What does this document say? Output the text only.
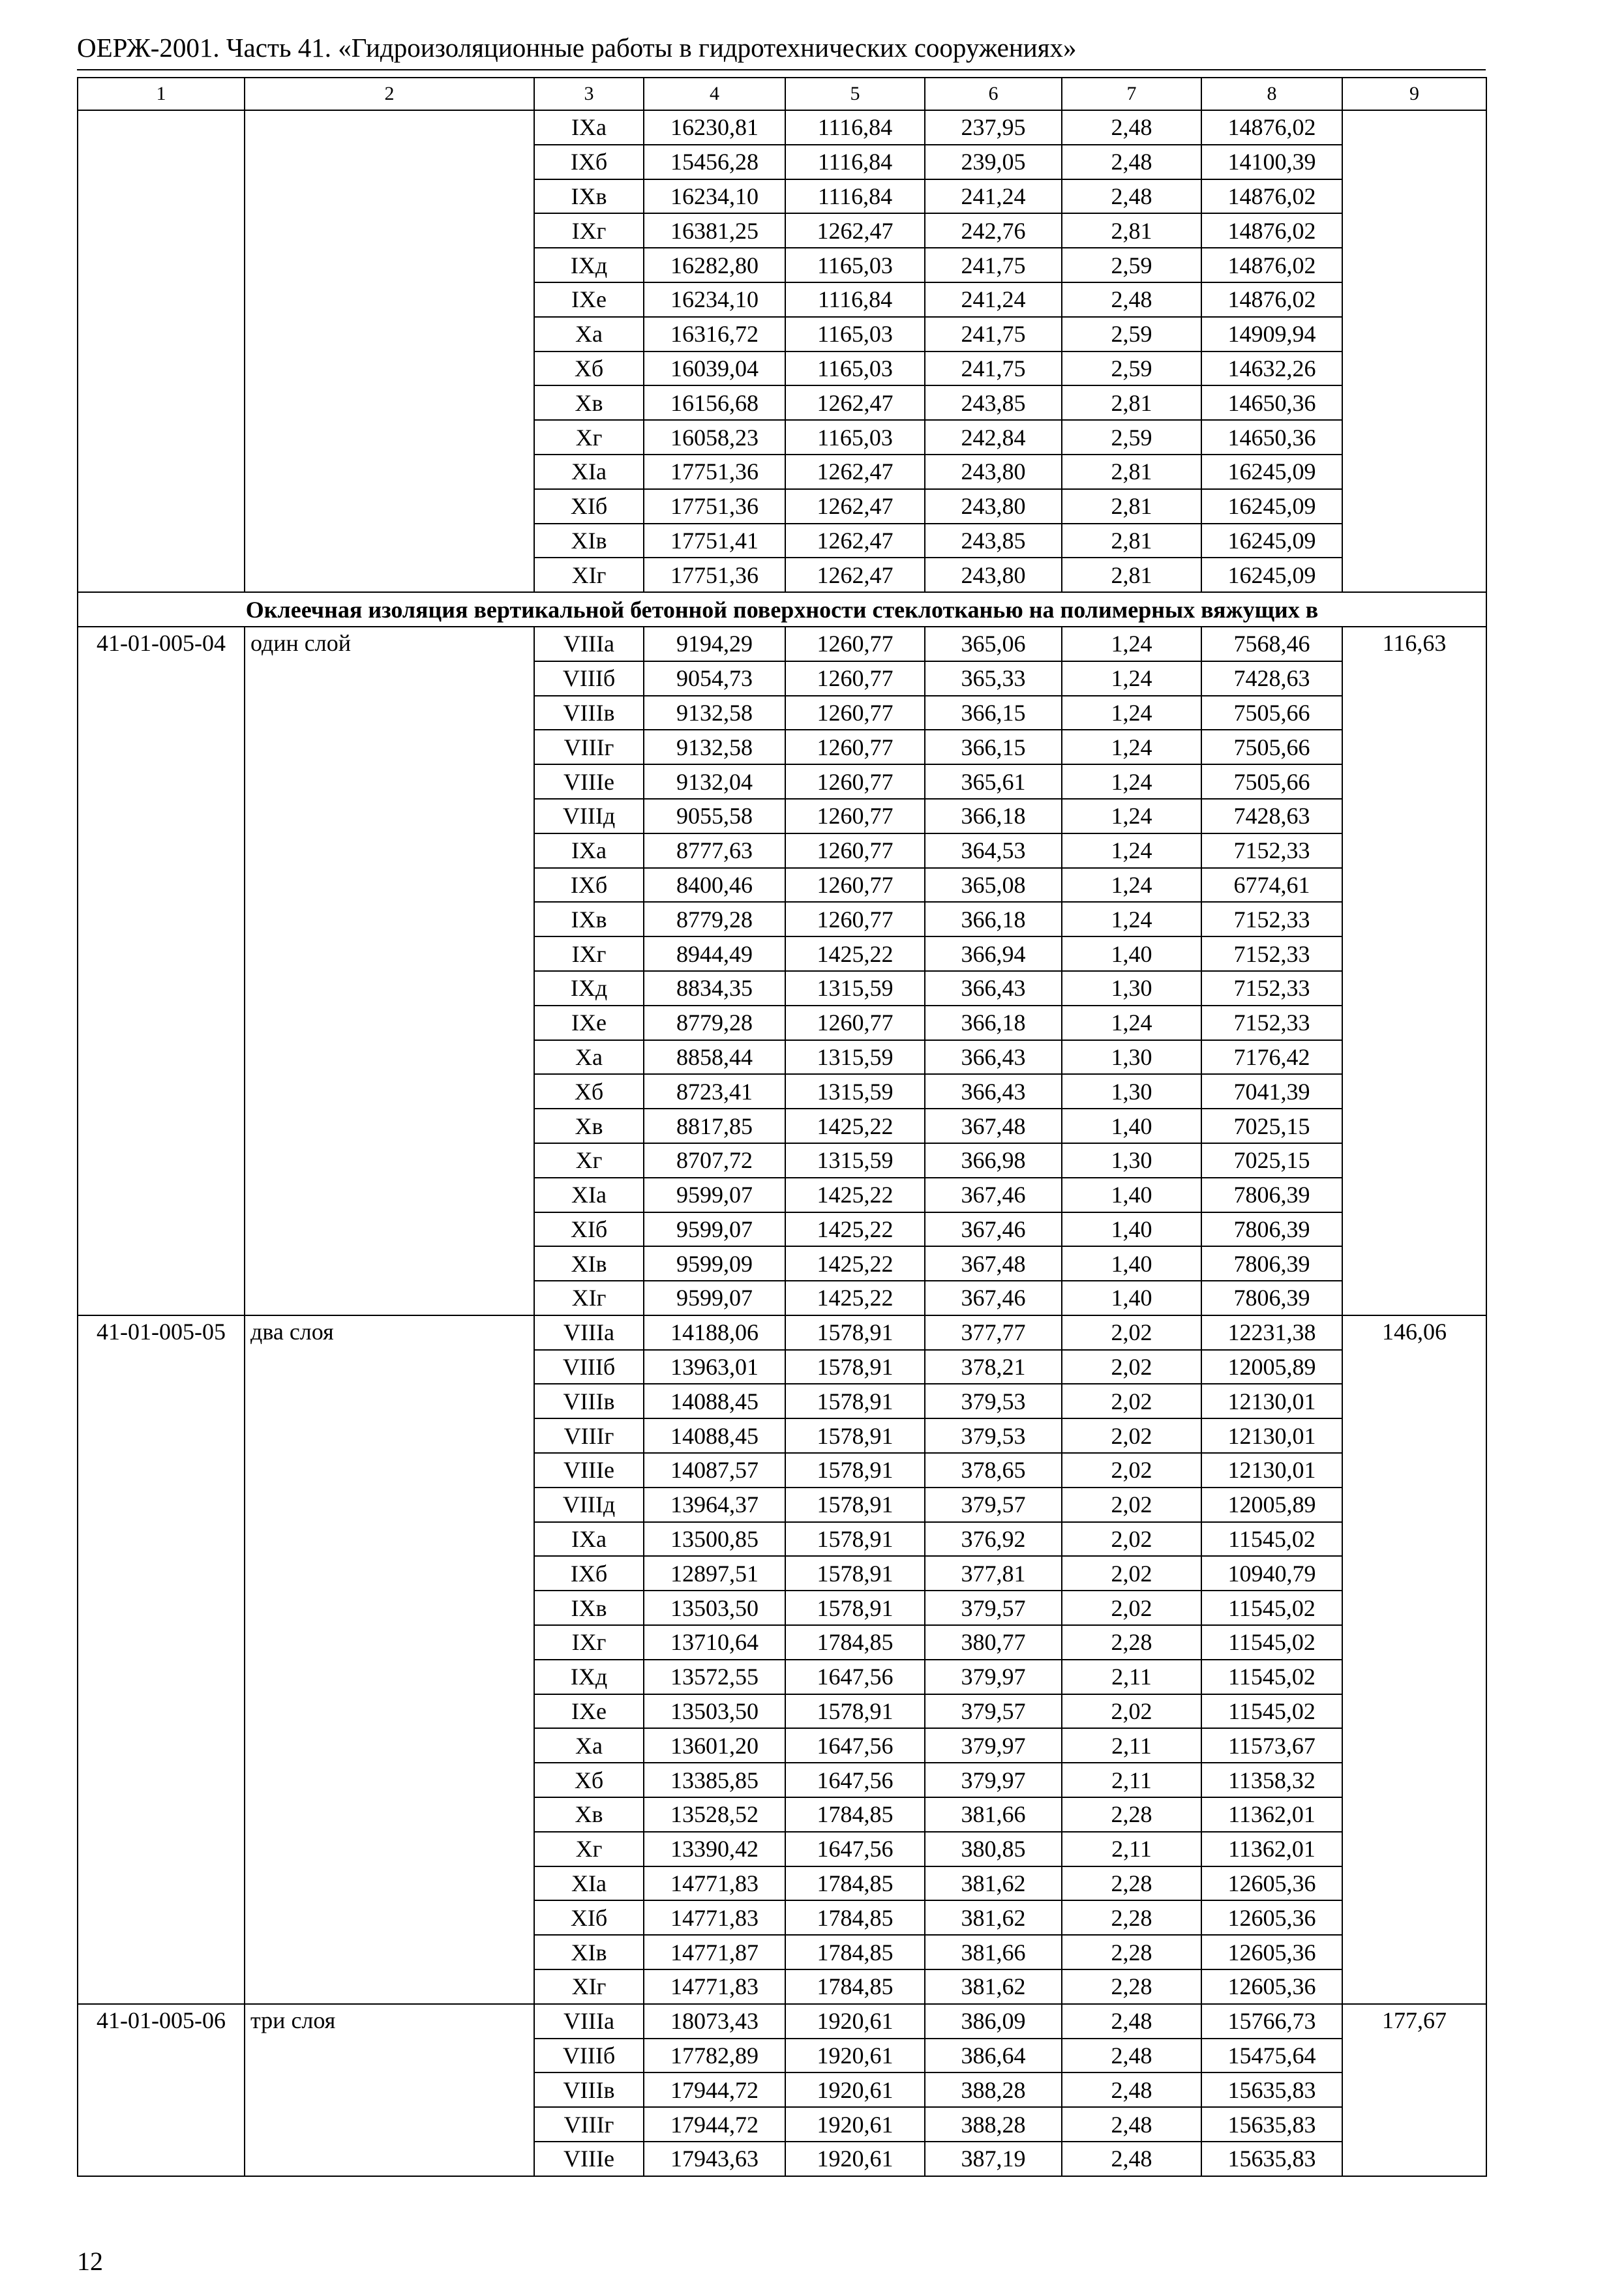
ОЕРЖ-2001. Часть 41. «Гидроизоляционные работы в гидротехнических сооружениях»
1	2	3	4	5	6	7	8	9
		IXа	16230,81	1116,84	237,95	2,48	14876,02	
		IXб	15456,28	1116,84	239,05	2,48	14100,39	
		IXв	16234,10	1116,84	241,24	2,48	14876,02	
		IXг	16381,25	1262,47	242,76	2,81	14876,02	
		IXд	16282,80	1165,03	241,75	2,59	14876,02	
		IXе	16234,10	1116,84	241,24	2,48	14876,02	
		Xа	16316,72	1165,03	241,75	2,59	14909,94	
		Xб	16039,04	1165,03	241,75	2,59	14632,26	
		Xв	16156,68	1262,47	243,85	2,81	14650,36	
		Xг	16058,23	1165,03	242,84	2,59	14650,36	
		XIа	17751,36	1262,47	243,80	2,81	16245,09	
		XIб	17751,36	1262,47	243,80	2,81	16245,09	
		XIв	17751,41	1262,47	243,85	2,81	16245,09	
		XIг	17751,36	1262,47	243,80	2,81	16245,09	
Оклеечная изоляция вертикальной бетонной поверхности стеклотканью на полимерных вяжущих в								
41-01-005-04	один слой	VIIIа	9194,29	1260,77	365,06	1,24	7568,46	116,63
		VIIIб	9054,73	1260,77	365,33	1,24	7428,63	
		VIIIв	9132,58	1260,77	366,15	1,24	7505,66	
		VIIIг	9132,58	1260,77	366,15	1,24	7505,66	
		VIIIе	9132,04	1260,77	365,61	1,24	7505,66	
		VIIIд	9055,58	1260,77	366,18	1,24	7428,63	
		IXа	8777,63	1260,77	364,53	1,24	7152,33	
		IXб	8400,46	1260,77	365,08	1,24	6774,61	
		IXв	8779,28	1260,77	366,18	1,24	7152,33	
		IXг	8944,49	1425,22	366,94	1,40	7152,33	
		IXд	8834,35	1315,59	366,43	1,30	7152,33	
		IXе	8779,28	1260,77	366,18	1,24	7152,33	
		Xа	8858,44	1315,59	366,43	1,30	7176,42	
		Xб	8723,41	1315,59	366,43	1,30	7041,39	
		Xв	8817,85	1425,22	367,48	1,40	7025,15	
		Xг	8707,72	1315,59	366,98	1,30	7025,15	
		XIа	9599,07	1425,22	367,46	1,40	7806,39	
		XIб	9599,07	1425,22	367,46	1,40	7806,39	
		XIв	9599,09	1425,22	367,48	1,40	7806,39	
		XIг	9599,07	1425,22	367,46	1,40	7806,39	
41-01-005-05	два слоя	VIIIа	14188,06	1578,91	377,77	2,02	12231,38	146,06
		VIIIб	13963,01	1578,91	378,21	2,02	12005,89	
		VIIIв	14088,45	1578,91	379,53	2,02	12130,01	
		VIIIг	14088,45	1578,91	379,53	2,02	12130,01	
		VIIIе	14087,57	1578,91	378,65	2,02	12130,01	
		VIIIд	13964,37	1578,91	379,57	2,02	12005,89	
		IXа	13500,85	1578,91	376,92	2,02	11545,02	
		IXб	12897,51	1578,91	377,81	2,02	10940,79	
		IXв	13503,50	1578,91	379,57	2,02	11545,02	
		IXг	13710,64	1784,85	380,77	2,28	11545,02	
		IXд	13572,55	1647,56	379,97	2,11	11545,02	
		IXе	13503,50	1578,91	379,57	2,02	11545,02	
		Xа	13601,20	1647,56	379,97	2,11	11573,67	
		Xб	13385,85	1647,56	379,97	2,11	11358,32	
		Xв	13528,52	1784,85	381,66	2,28	11362,01	
		Xг	13390,42	1647,56	380,85	2,11	11362,01	
		XIа	14771,83	1784,85	381,62	2,28	12605,36	
		XIб	14771,83	1784,85	381,62	2,28	12605,36	
		XIв	14771,87	1784,85	381,66	2,28	12605,36	
		XIг	14771,83	1784,85	381,62	2,28	12605,36	
41-01-005-06	три слоя	VIIIа	18073,43	1920,61	386,09	2,48	15766,73	177,67
		VIIIб	17782,89	1920,61	386,64	2,48	15475,64	
		VIIIв	17944,72	1920,61	388,28	2,48	15635,83	
		VIIIг	17944,72	1920,61	388,28	2,48	15635,83	
		VIIIе	17943,63	1920,61	387,19	2,48	15635,83	
12
